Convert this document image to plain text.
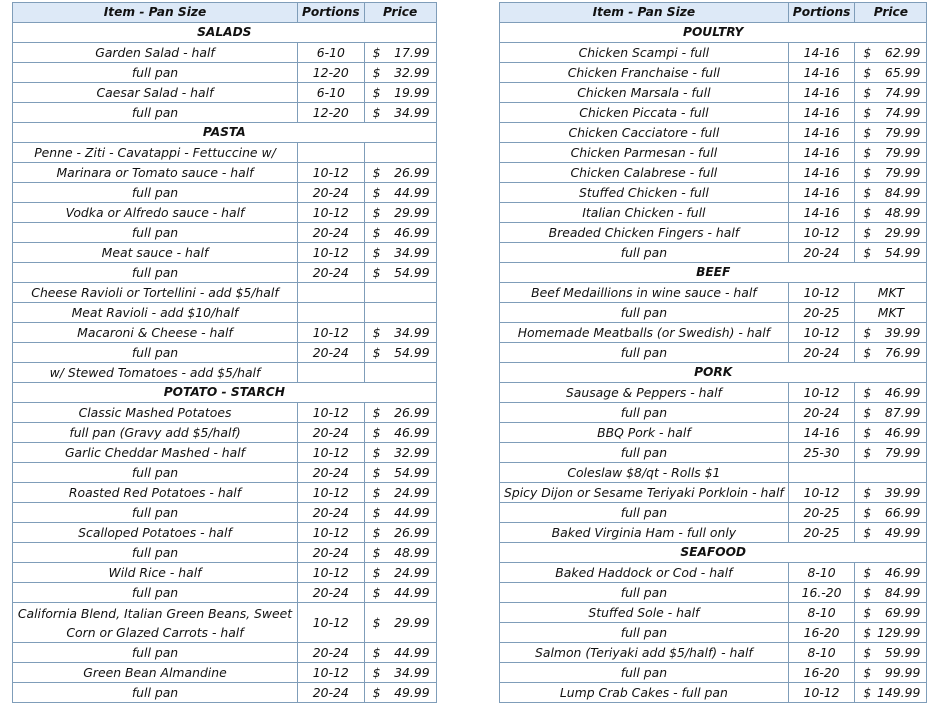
Item - Pan Size	Portions	Price
SALADS		
Garden Salad - half	6-10	$ 17.99
full pan	12-20	$ 32.99
Caesar Salad - half	6-10	$ 19.99
full pan	12-20	$ 34.99
PASTA		
Penne - Ziti - Cavatappi - Fettuccine w/		

Marinara or Tomato sauce - half	10-12	$ 26.99
full pan	20-24	$ 44.99
Vodka or Alfredo sauce - half	10-12	$ 29.99
full pan	20-24	$ 46.99
Meat sauce - half	10-12	$ 34.99
full pan	20-24	$ 54.99
Cheese Ravioli or Tortellini - add $5/half		

Meat Ravioli - add $10/half		

Macaroni & Cheese - half	10-12	$ 34.99
full pan	20-24	$ 54.99
w/ Stewed Tomatoes - add $5/half		

POTATO - STARCH		
Classic Mashed Potatoes	10-12	$ 26.99
full pan (Gravy add $5/half)	20-24	$ 46.99
Garlic Cheddar Mashed - half	10-12	$ 32.99
full pan	20-24	$ 54.99
Roasted Red Potatoes - half	10-12	$ 24.99
full pan	20-24	$ 44.99
Scalloped Potatoes - half	10-12	$ 26.99
full pan	20-24	$ 48.99
Wild Rice - half	10-12	$ 24.99
full pan	20-24	$ 44.99

California Blend, Italian Green Beans, Sweet
Corn or Glazed Carrots - half	10-12	$ 29.99
full pan	20-24	$ 44.99
Green Bean Almandine	10-12	$ 34.99
full pan	20-24	$ 49.99
Item - Pan Size	Portions	Price
POULTRY		
Chicken Scampi - full	14-16	$ 62.99
Chicken Franchaise - full	14-16	$ 65.99
Chicken Marsala - full	14-16	$ 74.99
Chicken Piccata - full	14-16	$ 74.99
Chicken Cacciatore - full	14-16	$ 79.99
Chicken Parmesan - full	14-16	$ 79.99
Chicken Calabrese - full	14-16	$ 79.99
Stuffed Chicken - full	14-16	$ 84.99
Italian Chicken - full	14-16	$ 48.99
Breaded Chicken Fingers - half	10-12	$ 29.99
full pan	20-24	$ 54.99
BEEF		
Beef Medaillions in wine sauce - half	10-12	MKT
full pan	20-25	MKT
Homemade Meatballs (or Swedish) - half	10-12	$ 39.99
full pan	20-24	$ 76.99
PORK		
Sausage & Peppers - half	10-12	$ 46.99
full pan	20-24	$ 87.99
BBQ Pork - half	14-16	$ 46.99
full pan	25-30	$ 79.99
Coleslaw $8/qt - Rolls $1		

Spicy Dijon or Sesame Teriyaki Porkloin - half	10-12	$ 39.99
full pan	20-25	$ 66.99
Baked Virginia Ham - full only	20-25	$ 49.99
SEAFOOD		
Baked Haddock or Cod - half	8-10	$ 46.99
full pan	16.-20	$ 84.99
Stuffed Sole - half	8-10	$ 69.99
full pan	16-20	$ 129.99
Salmon (Teriyaki add $5/half) - half	8-10	$ 59.99
full pan	16-20	$ 99.99
Lump Crab Cakes - full pan	10-12	$ 149.99
